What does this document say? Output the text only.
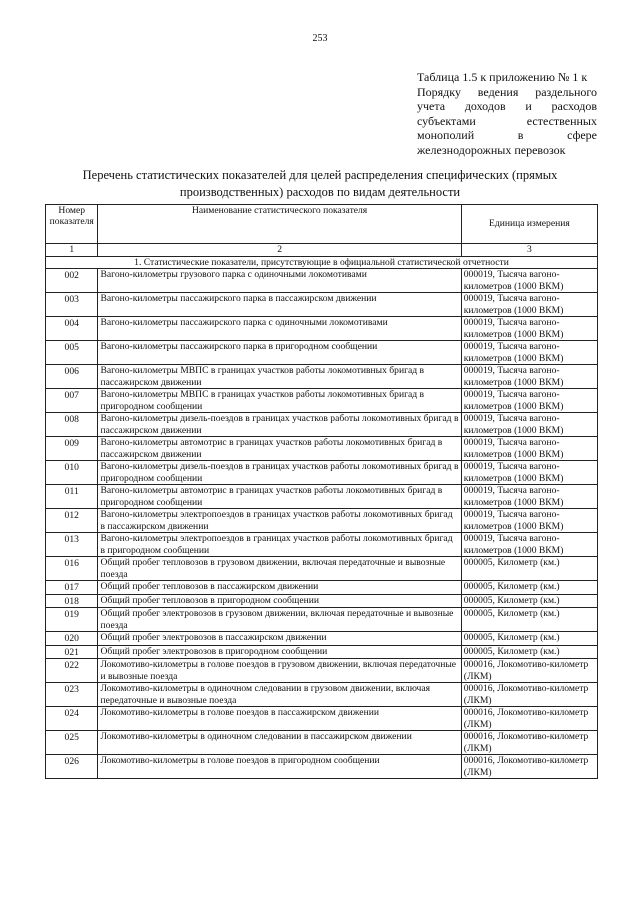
253
Таблица 1.5 к приложению № 1 к
Порядку ведения раздельного
учета доходов и расходов
субъектами естественных
монополий в сфере
железнодорожных перевозок
Перечень статистических показателей для целей распределения специфических (прямых
производственных) расходов по видам деятельности
Номер показателя	Наименование статистического показателя	Единица измерения
1	2	3
1. Статистические показатели, присутствующие в официальной статистической отчетности		
002	Вагоно-километры грузового парка с одиночными локомотивами	000019, Тысяча вагоно-километров (1000 ВКМ)
003	Вагоно-километры пассажирского парка в пассажирском движении	000019, Тысяча вагоно-километров (1000 ВКМ)
004	Вагоно-километры пассажирского парка с одиночными локомотивами	000019, Тысяча вагоно-километров (1000 ВКМ)
005	Вагоно-километры пассажирского парка в пригородном сообщении	000019, Тысяча вагоно-километров (1000 ВКМ)
006	Вагоно-километры МВПС в границах участков работы локомотивных бригад в пассажирском движении	000019, Тысяча вагоно-километров (1000 ВКМ)
007	Вагоно-километры МВПС в границах участков работы локомотивных бригад в пригородном сообщении	000019, Тысяча вагоно-километров (1000 ВКМ)
008	Вагоно-километры дизель-поездов в границах участков работы локомотивных бригад в пассажирском движении	000019, Тысяча вагоно-километров (1000 ВКМ)
009	Вагоно-километры автомотрис в границах участков работы локомотивных бригад в пассажирском движении	000019, Тысяча вагоно-километров (1000 ВКМ)
010	Вагоно-километры дизель-поездов в границах участков работы локомотивных бригад в пригородном сообщении	000019, Тысяча вагоно-километров (1000 ВКМ)
011	Вагоно-километры автомотрис в границах участков работы локомотивных бригад в пригородном сообщении	000019, Тысяча вагоно-километров (1000 ВКМ)
012	Вагоно-километры электропоездов в границах участков работы локомотивных бригад в пассажирском движении	000019, Тысяча вагоно-километров (1000 ВКМ)
013	Вагоно-километры электропоездов в границах участков работы локомотивных бригад в пригородном сообщении	000019, Тысяча вагоно-километров (1000 ВКМ)
016	Общий пробег тепловозов в грузовом движении, включая передаточные и вывозные поезда	000005, Километр (км.)
017	Общий пробег тепловозов в пассажирском движении	000005, Километр (км.)
018	Общий пробег тепловозов в пригородном сообщении	000005, Километр (км.)
019	Общий пробег электровозов в грузовом движении, включая передаточные и вывозные поезда	000005, Километр (км.)
020	Общий пробег электровозов в пассажирском движении	000005, Километр (км.)
021	Общий пробег электровозов в пригородном сообщении	000005, Километр (км.)
022	Локомотиво-километры в голове поездов в грузовом движении, включая передаточные и вывозные поезда	000016, Локомотиво-километр (ЛКМ)
023	Локомотиво-километры в одиночном следовании в грузовом движении, включая передаточные и вывозные поезда	000016, Локомотиво-километр (ЛКМ)
024	Локомотиво-километры в голове поездов в пассажирском движении	000016, Локомотиво-километр (ЛКМ)
025	Локомотиво-километры в одиночном следовании в пассажирском движении	000016, Локомотиво-километр (ЛКМ)
026	Локомотиво-километры в голове поездов в пригородном сообщении	000016, Локомотиво-километр (ЛКМ)
